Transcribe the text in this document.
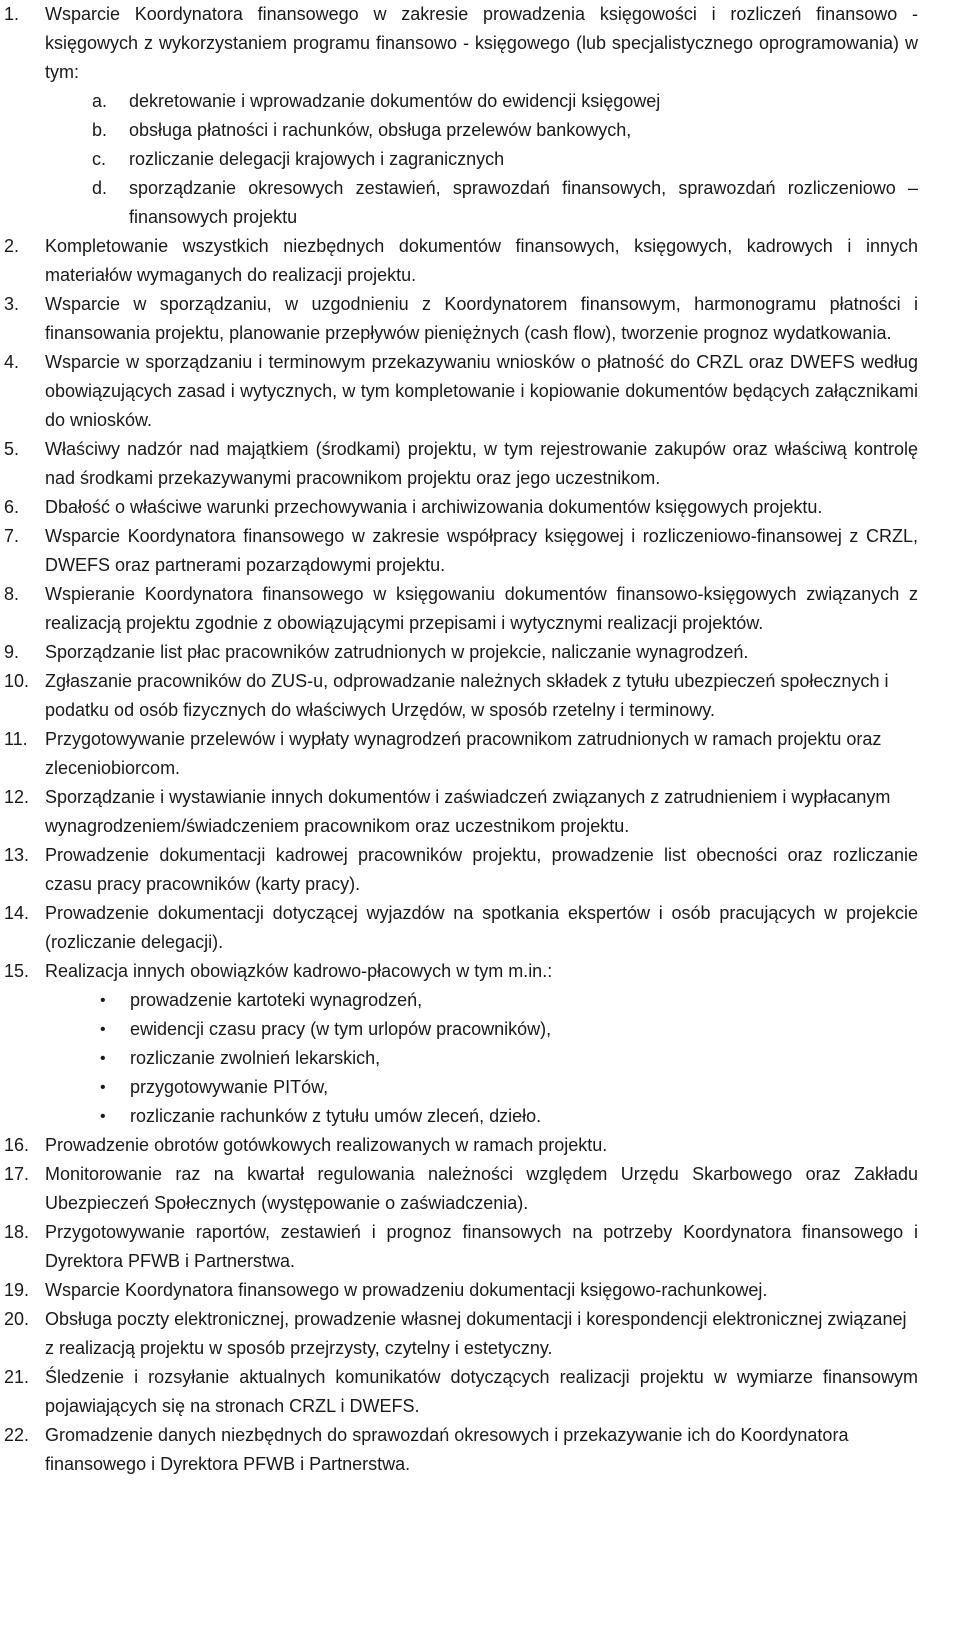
1. Wsparcie Koordynatora finansowego w zakresie prowadzenia księgowości i rozliczeń finansowo - księgowych z wykorzystaniem programu finansowo - księgowego (lub specjalistycznego oprogramowania) w tym:
a. dekretowanie i wprowadzanie dokumentów do ewidencji księgowej
b. obsługa płatności i rachunków, obsługa przelewów bankowych,
c. rozliczanie delegacji krajowych i zagranicznych
d. sporządzanie okresowych zestawień, sprawozdań finansowych, sprawozdań rozliczeniowo – finansowych projektu
2. Kompletowanie wszystkich niezbędnych dokumentów finansowych, księgowych, kadrowych i innych materiałów wymaganych do realizacji projektu.
3. Wsparcie w sporządzaniu, w uzgodnieniu z Koordynatorem finansowym, harmonogramu płatności i finansowania projektu, planowanie przepływów pieniężnych (cash flow), tworzenie prognoz wydatkowania.
4. Wsparcie w sporządzaniu i terminowym przekazywaniu wniosków o płatność do CRZL oraz DWEFS według obowiązujących zasad i wytycznych, w tym kompletowanie i kopiowanie dokumentów będących załącznikami do wniosków.
5. Właściwy nadzór nad majątkiem (środkami) projektu, w tym rejestrowanie zakupów oraz właściwą kontrolę nad środkami przekazywanymi pracownikom projektu oraz jego uczestnikom.
6. Dbałość o właściwe warunki przechowywania i archiwizowania dokumentów księgowych projektu.
7. Wsparcie Koordynatora finansowego w zakresie współpracy księgowej i rozliczeniowo-finansowej z CRZL, DWEFS oraz partnerami pozarządowymi projektu.
8. Wspieranie Koordynatora finansowego w księgowaniu dokumentów finansowo-księgowych związanych z realizacją projektu zgodnie z obowiązującymi przepisami i wytycznymi realizacji projektów.
9. Sporządzanie list płac pracowników zatrudnionych w projekcie, naliczanie wynagrodzeń.
10. Zgłaszanie pracowników do ZUS-u, odprowadzanie należnych składek z tytułu ubezpieczeń społecznych i podatku od osób fizycznych do właściwych Urzędów, w sposób rzetelny i terminowy.
11. Przygotowywanie przelewów i wypłaty wynagrodzeń pracownikom zatrudnionych w ramach projektu oraz zleceniobiorcom.
12. Sporządzanie i wystawianie innych dokumentów i zaświadczeń związanych z zatrudnieniem i wypłacanym wynagrodzeniem/świadczeniem pracownikom oraz uczestnikom projektu.
13. Prowadzenie dokumentacji kadrowej pracowników projektu, prowadzenie list obecności oraz rozliczanie czasu pracy pracowników (karty pracy).
14. Prowadzenie dokumentacji dotyczącej wyjazdów na spotkania ekspertów i osób pracujących w projekcie (rozliczanie delegacji).
15. Realizacja innych obowiązków kadrowo-płacowych w tym m.in.:
• prowadzenie kartoteki wynagrodzeń,
• ewidencji czasu pracy (w tym urlopów pracowników),
• rozliczanie zwolnień lekarskich,
• przygotowywanie PITów,
• rozliczanie rachunków z tytułu umów zleceń, dzieło.
16. Prowadzenie obrotów gotówkowych realizowanych w ramach projektu.
17. Monitorowanie raz na kwartał regulowania należności względem Urzędu Skarbowego oraz Zakładu Ubezpieczeń Społecznych (występowanie o zaświadczenia).
18. Przygotowywanie raportów, zestawień i prognoz finansowych na potrzeby Koordynatora finansowego i Dyrektora PFWB i Partnerstwa.
19. Wsparcie Koordynatora finansowego w prowadzeniu dokumentacji księgowo-rachunkowej.
20. Obsługa poczty elektronicznej, prowadzenie własnej dokumentacji i korespondencji elektronicznej związanej z realizacją projektu w sposób przejrzysty, czytelny i estetyczny.
21. Śledzenie i rozsyłanie aktualnych komunikatów dotyczących realizacji projektu w wymiarze finansowym pojawiających się na stronach CRZL i DWEFS.
22. Gromadzenie danych niezbędnych do sprawozdań okresowych i przekazywanie ich do Koordynatora finansowego i Dyrektora PFWB i Partnerstwa.
